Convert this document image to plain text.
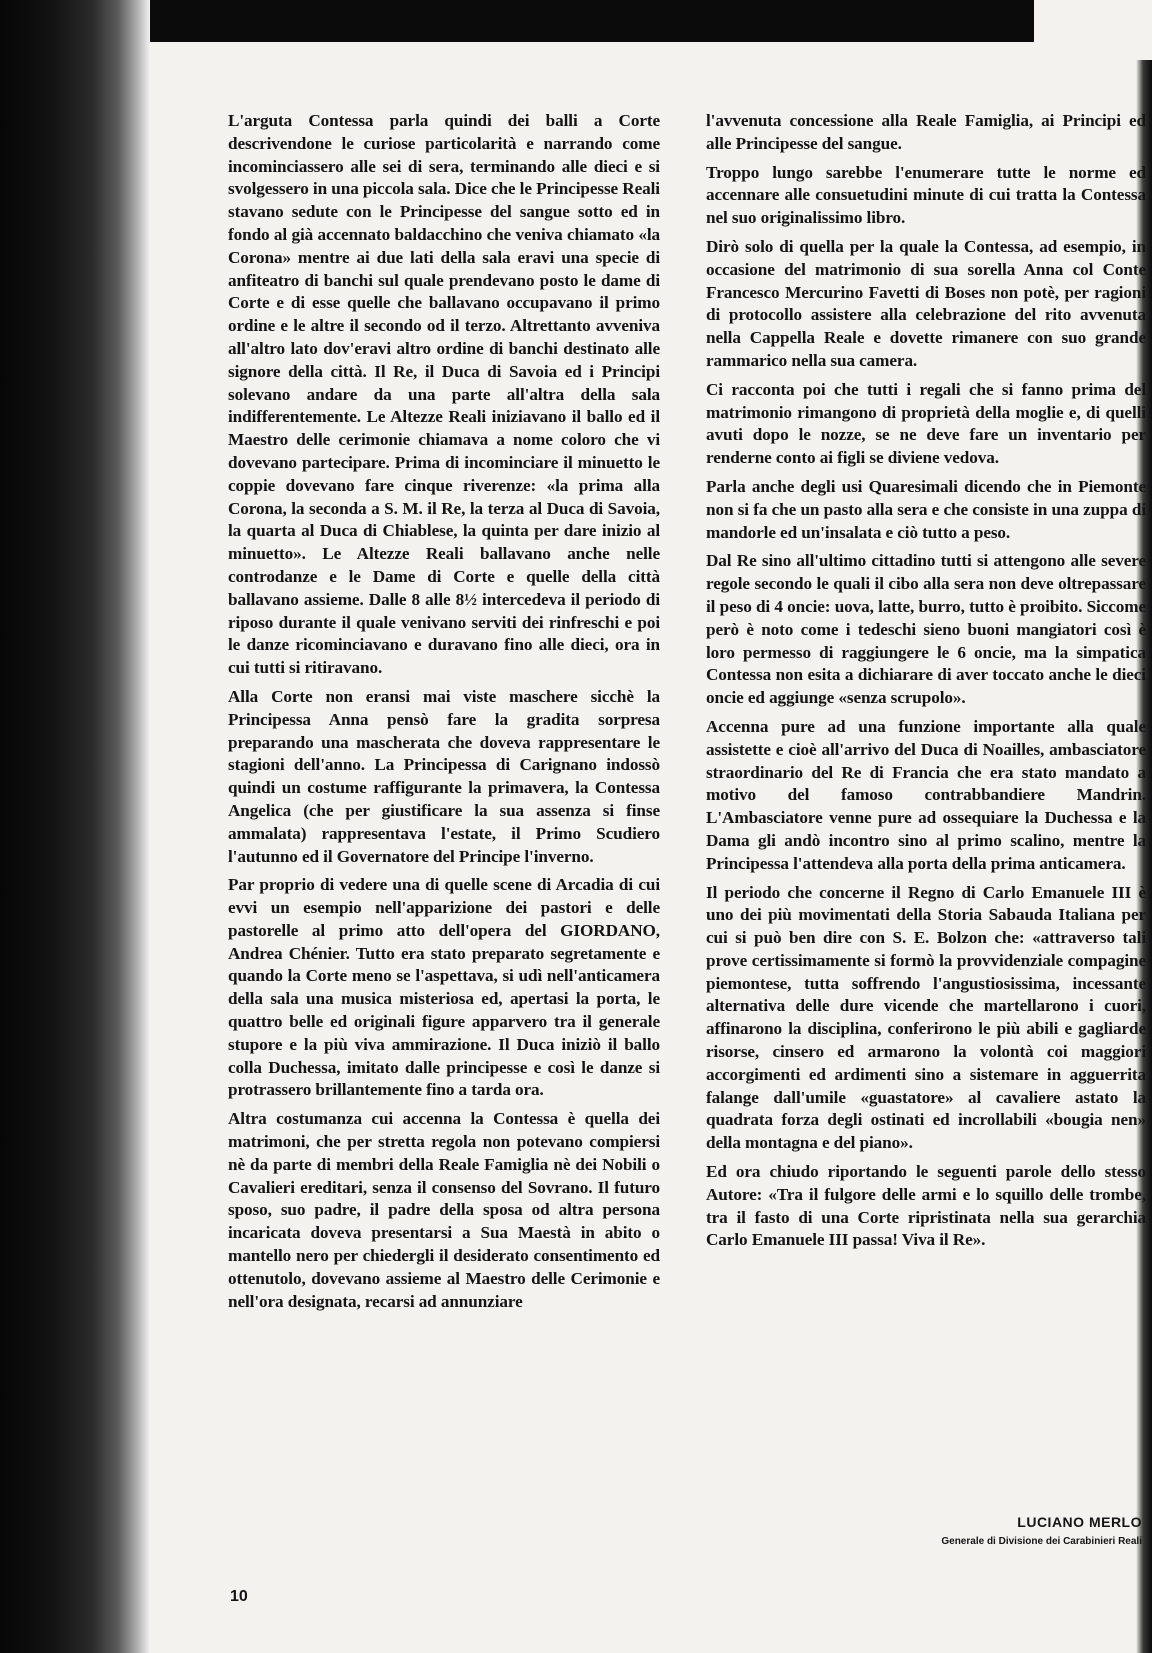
L'arguta Contessa parla quindi dei balli a Corte descrivendone le curiose particolarità e narrando come incominciassero alle sei di sera, terminando alle dieci e si svolgessero in una piccola sala. Dice che le Principesse Reali stavano sedute con le Principesse del sangue sotto ed in fondo al già accennato baldacchino che veniva chiamato «la Corona» mentre ai due lati della sala eravi una specie di anfiteatro di banchi sul quale prendevano posto le dame di Corte e di esse quelle che ballavano occupavano il primo ordine e le altre il secondo od il terzo. Altrettanto avveniva all'altro lato dov'eravi altro ordine di banchi destinato alle signore della città. Il Re, il Duca di Savoia ed i Principi solevano andare da una parte all'altra della sala indifferentemente. Le Altezze Reali iniziavano il ballo ed il Maestro delle cerimonie chiamava a nome coloro che vi dovevano partecipare. Prima di incominciare il minuetto le coppie dovevano fare cinque riverenze: «la prima alla Corona, la seconda a S. M. il Re, la terza al Duca di Savoia, la quarta al Duca di Chiablese, la quinta per dare inizio al minuetto». Le Altezze Reali ballavano anche nelle controdanze e le Dame di Corte e quelle della città ballavano assieme. Dalle 8 alle 8½ intercedeva il periodo di riposo durante il quale venivano serviti dei rinfreschi e poi le danze ricominciavano e duravano fino alle dieci, ora in cui tutti si ritiravano.

Alla Corte non eransi mai viste maschere sicchè la Principessa Anna pensò fare la gradita sorpresa preparando una mascherata che doveva rappresentare le stagioni dell'anno. La Principessa di Carignano indossò quindi un costume raffigurante la primavera, la Contessa Angelica (che per giustificare la sua assenza si finse ammalata) rappresentava l'estate, il Primo Scudiero l'autunno ed il Governatore del Principe l'inverno.

Par proprio di vedere una di quelle scene di Arcadia di cui evvi un esempio nell'apparizione dei pastori e delle pastorelle al primo atto dell'opera del GIORDANO, Andrea Chénier. Tutto era stato preparato segretamente e quando la Corte meno se l'aspettava, si udì nell'anticamera della sala una musica misteriosa ed, apertasi la porta, le quattro belle ed originali figure apparvero tra il generale stupore e la più viva ammirazione. Il Duca iniziò il ballo colla Duchessa, imitato dalle principesse e così le danze si protrassero brillantemente fino a tarda ora.

Altra costumanza cui accenna la Contessa è quella dei matrimoni, che per stretta regola non potevano compiersi nè da parte di membri della Reale Famiglia nè dei Nobili o Cavalieri ereditari, senza il consenso del Sovrano. Il futuro sposo, suo padre, il padre della sposa od altra persona incaricata doveva presentarsi a Sua Maestà in abito o mantello nero per chiedergli il desiderato consentimento ed ottenutolo, dovevano assieme al Maestro delle Cerimonie e nell'ora designata, recarsi ad annunziare

l'avvenuta concessione alla Reale Famiglia, ai Principi ed alle Principesse del sangue.

Troppo lungo sarebbe l'enumerare tutte le norme ed accennare alle consuetudini minute di cui tratta la Contessa nel suo originalissimo libro.

Dirò solo di quella per la quale la Contessa, ad esempio, in occasione del matrimonio di sua sorella Anna col Conte Francesco Mercurino Favetti di Boses non potè, per ragioni di protocollo assistere alla celebrazione del rito avvenuta nella Cappella Reale e dovette rimanere con suo grande rammarico nella sua camera.

Ci racconta poi che tutti i regali che si fanno prima del matrimonio rimangono di proprietà della moglie e, di quelli avuti dopo le nozze, se ne deve fare un inventario per renderne conto ai figli se diviene vedova.

Parla anche degli usi Quaresimali dicendo che in Piemonte non si fa che un pasto alla sera e che consiste in una zuppa di mandorle ed un'insalata e ciò tutto a peso.

Dal Re sino all'ultimo cittadino tutti si attengono alle severe regole secondo le quali il cibo alla sera non deve oltrepassare il peso di 4 oncie: uova, latte, burro, tutto è proibito. Siccome però è noto come i tedeschi sieno buoni mangiatori così è loro permesso di raggiungere le 6 oncie, ma la simpatica Contessa non esita a dichiarare di aver toccato anche le dieci oncie ed aggiunge «senza scrupolo».

Accenna pure ad una funzione importante alla quale assistette e cioè all'arrivo del Duca di Noailles, ambasciatore straordinario del Re di Francia che era stato mandato a motivo del famoso contrabbandiere Mandrin. L'Ambasciatore venne pure ad ossequiare la Duchessa e la Dama gli andò incontro sino al primo scalino, mentre la Principessa l'attendeva alla porta della prima anticamera.

Il periodo che concerne il Regno di Carlo Emanuele III è uno dei più movimentati della Storia Sabauda Italiana per cui si può ben dire con S. E. Bolzon che: «attraverso tali prove certissimamente si formò la provvidenziale compagine piemontese, tutta soffrendo l'angustiosissima, incessante alternativa delle dure vicende che martellarono i cuori, affinarono la disciplina, conferirono le più abili e gagliarde risorse, cinsero ed armarono la volontà coi maggiori accorgimenti ed ardimenti sino a sistemare in agguerrita falange dall'umile «guastatore» al cavaliere astato la quadrata forza degli ostinati ed incrollabili «bougia nen» della montagna e del piano».

Ed ora chiudo riportando le seguenti parole dello stesso Autore: «Tra il fulgore delle armi e lo squillo delle trombe, tra il fasto di una Corte ripristinata nella sua gerarchia Carlo Emanuele III passa! Viva il Re».

LUCIANO MERLO
Generale di Divisione dei Carabinieri Reali
10
